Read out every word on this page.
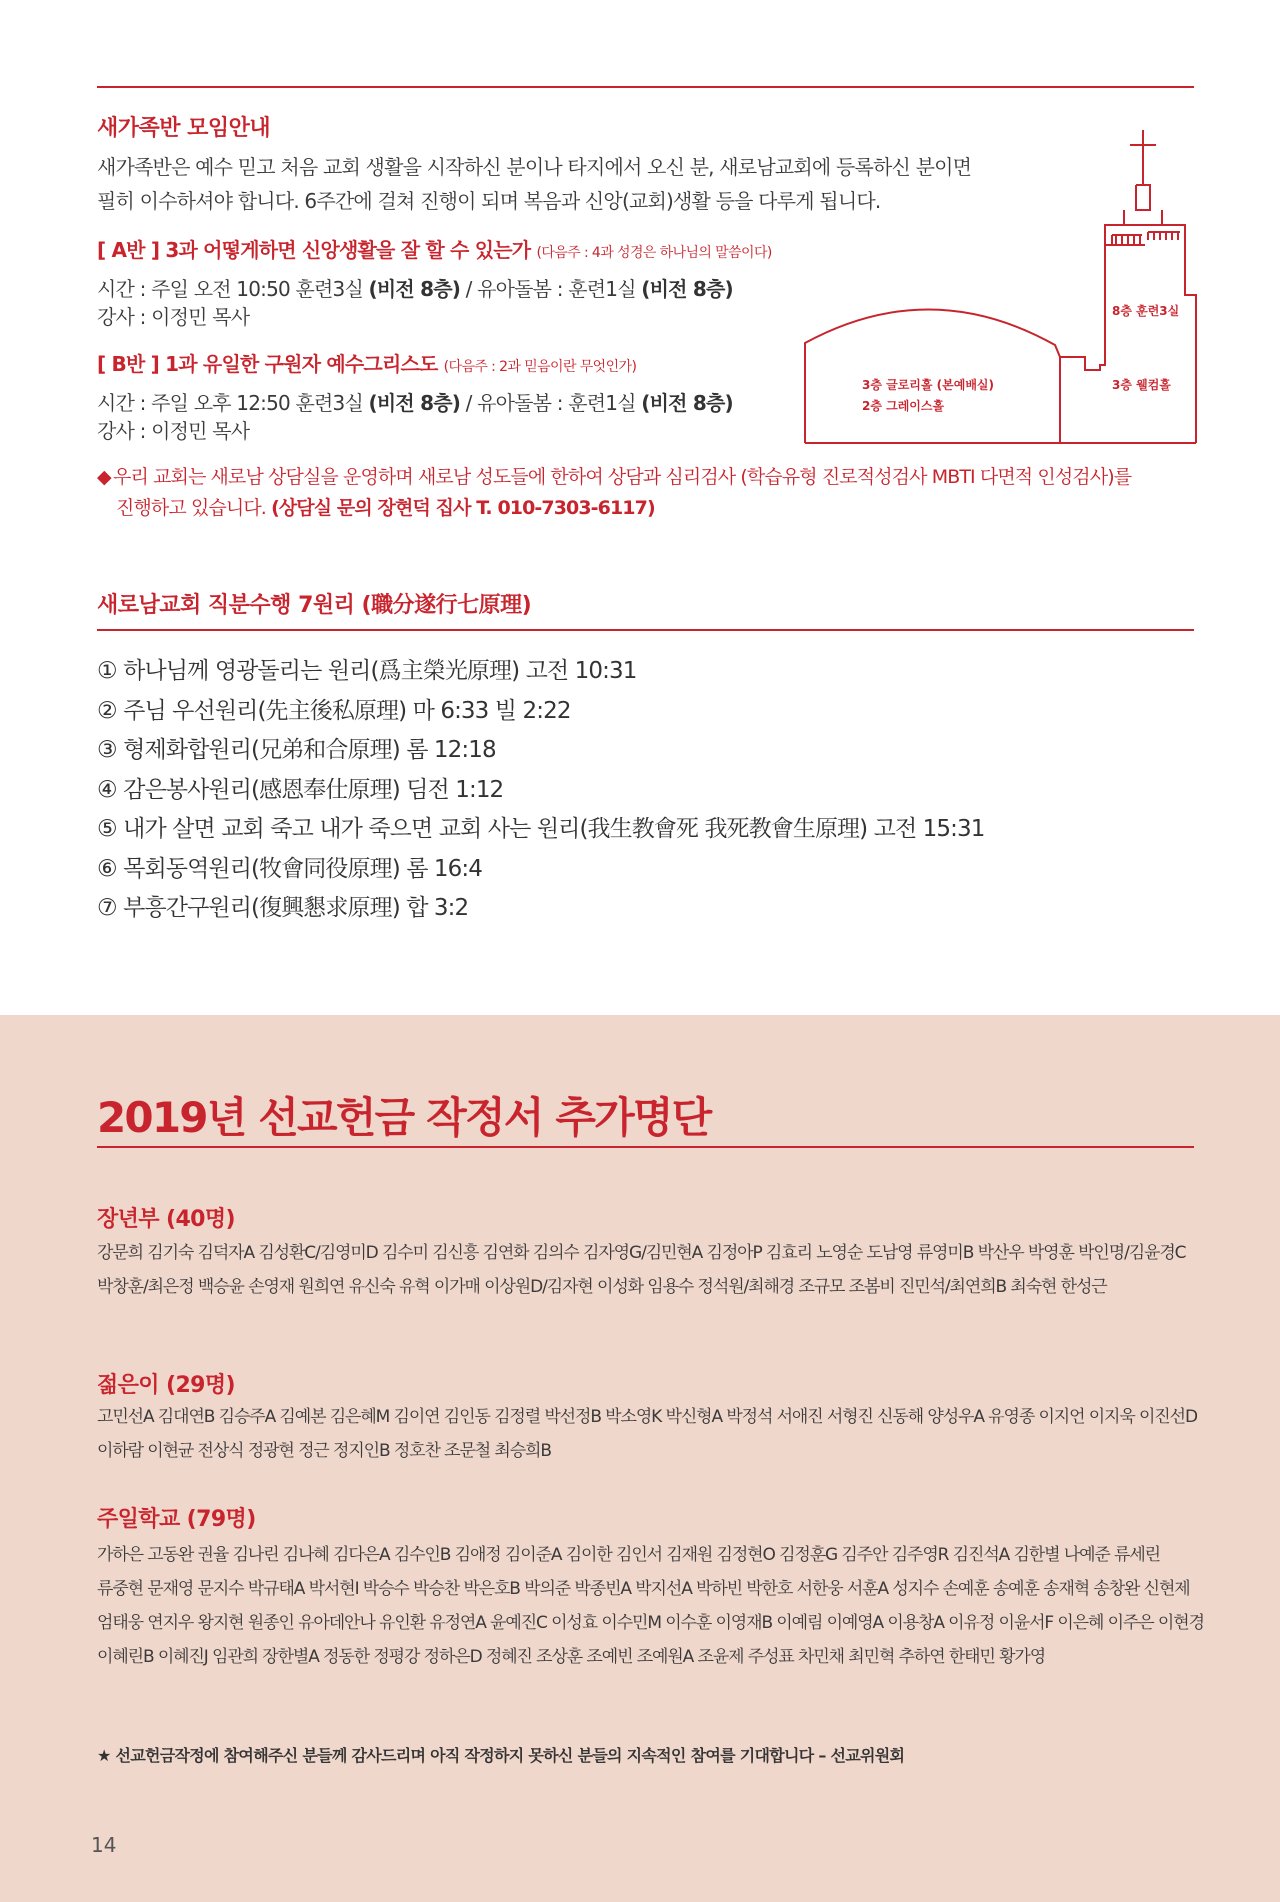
새가족반 모임안내
새가족반은 예수 믿고 처음 교회 생활을 시작하신 분이나 타지에서 오신 분, 새로남교회에 등록하신 분이면
필히 이수하셔야 합니다. 6주간에 걸쳐 진행이 되며 복음과 신앙(교회)생활 등을 다루게 됩니다.
[ A반 ] 3과 어떻게하면 신앙생활을 잘 할 수 있는가 (다음주 : 4과 성경은 하나님의 말씀이다)
시간 : 주일 오전 10:50 훈련3실 (비전 8층) / 유아돌봄 : 훈련1실 (비전 8층)
강사 : 이정민 목사
[ B반 ] 1과 유일한 구원자 예수그리스도 (다음주 : 2과 믿음이란 무엇인가)
시간 : 주일 오후 12:50 훈련3실 (비전 8층) / 유아돌봄 : 훈련1실 (비전 8층)
강사 : 이정민 목사
8층 훈련3실
3층 글로리홀 (본예배실)
2층 그레이스홀
3층 웰컴홀
◆ 우리 교회는 새로남 상담실을 운영하며 새로남 성도들에 한하여 상담과 심리검사 (학습유형 진로적성검사 MBTI 다면적 인성검사)를
진행하고 있습니다. (상담실 문의 장현덕 집사 T. 010-7303-6117)
새로남교회 직분수행 7원리 (職分遂行七原理)
① 하나님께 영광돌리는 원리(爲主榮光原理) 고전 10:31
② 주님 우선원리(先主後私原理) 마 6:33 빌 2:22
③ 형제화합원리(兄弟和合原理) 롬 12:18
④ 감은봉사원리(感恩奉仕原理) 딤전 1:12
⑤ 내가 살면 교회 죽고 내가 죽으면 교회 사는 원리(我生教會死 我死教會生原理) 고전 15:31
⑥ 목회동역원리(牧會同役原理) 롬 16:4
⑦ 부흥간구원리(復興懇求原理) 합 3:2
2019년 선교헌금 작정서 추가명단
장년부 (40명)
강문희 김기숙 김덕자A 김성환C/김영미D 김수미 김신흥 김연화 김의수 김자영G/김민현A 김정아P 김효리 노영순 도남영 류영미B 박산우 박영훈 박인명/김윤경C 박창훈/최은정 백승윤 손영재 원희연 유신숙 유혁 이가매 이상원D/김자현 이성화 임용수 정석원/최해경 조규모 조봄비 진민석/최연희B 최숙현 한성근
젊은이 (29명)
고민선A 김대연B 김승주A 김예본 김은혜M 김이연 김인동 김정렬 박선정B 박소영K 박신형A 박정석 서애진 서형진 신동해 양성우A 유영종 이지언 이지욱 이진선D 이하람 이현균 전상식 정광현 정근 정지인B 정호찬 조문철 최승희B
주일학교 (79명)
가하은 고동완 권율 김나린 김나혜 김다은A 김수인B 김애정 김이준A 김이한 김인서 김재원 김정현O 김정훈G 김주안 김주영R 김진석A 김한별 나예준 류세린 류중현 문재영 문지수 박규태A 박서현I 박승수 박승찬 박은호B 박의준 박종빈A 박지선A 박하빈 박한호 서한웅 서훈A 성지수 손예훈 송예훈 송재혁 송창완 신현제 엄태웅 연지우 왕지현 원종인 유아데안나 유인환 유정연A 윤예진C 이성효 이수민M 이수훈 이영재B 이예림 이예영A 이용창A 이유정 이윤서F 이은혜 이주은 이현경 이혜린B 이혜진J 임관희 장한별A 정동한 정평강 정하은D 정혜진 조상훈 조예빈 조예원A 조윤제 주성표 차민채 최민혁 추하연 한태민 황가영
★ 선교헌금작정에 참여해주신 분들께 감사드리며 아직 작정하지 못하신 분들의 지속적인 참여를 기대합니다 – 선교위원회
14
